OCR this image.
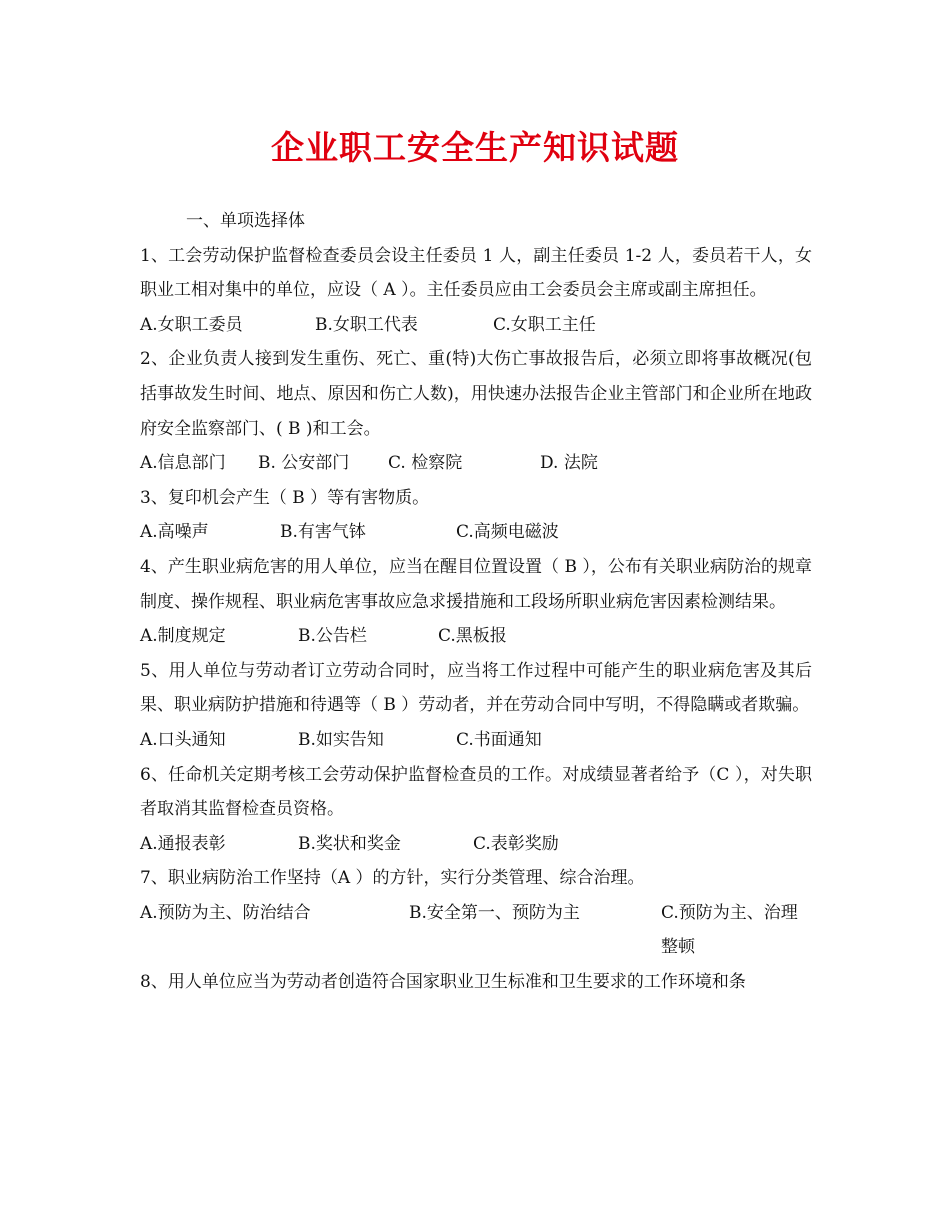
企业职工安全生产知识试题
一、单项选择体
1、工会劳动保护监督检查委员会设主任委员 1 人，副主任委员 1-2 人，委员若干人，女职业工相对集中的单位，应设（ A ）。主任委员应由工会委员会主席或副主席担任。
A.女职工委员	B.女职工代表	C.女职工主任
2、企业负责人接到发生重伤、死亡、重(特)大伤亡事故报告后，必须立即将事故概况(包括事故发生时间、地点、原因和伤亡人数)，用快速办法报告企业主管部门和企业所在地政府安全监察部门、( B )和工会。
A.信息部门	B. 公安部门	C. 检察院	D. 法院
3、复印机会产生（ B ）等有害物质。
A.高噪声	B.有害气钵	C.高频电磁波
4、产生职业病危害的用人单位，应当在醒目位置设置（ B ），公布有关职业病防治的规章制度、操作规程、职业病危害事故应急求援措施和工段场所职业病危害因素检测结果。
A.制度规定	B.公告栏	C.黑板报
5、用人单位与劳动者订立劳动合同时，应当将工作过程中可能产生的职业病危害及其后果、职业病防护措施和待遇等（ B ）劳动者，并在劳动合同中写明，不得隐瞒或者欺骗。
A.口头通知	B.如实告知	C.书面通知
6、任命机关定期考核工会劳动保护监督检查员的工作。对成绩显著者给予（C ），对失职者取消其监督检查员资格。
A.通报表彰	B.奖状和奖金	C.表彰奖励
7、职业病防治工作坚持（A ）的方针，实行分类管理、综合治理。
A.预防为主、防治结合	B.安全第一、预防为主	C.预防为主、治理整顿
8、用人单位应当为劳动者创造符合国家职业卫生标准和卫生要求的工作环境和条
